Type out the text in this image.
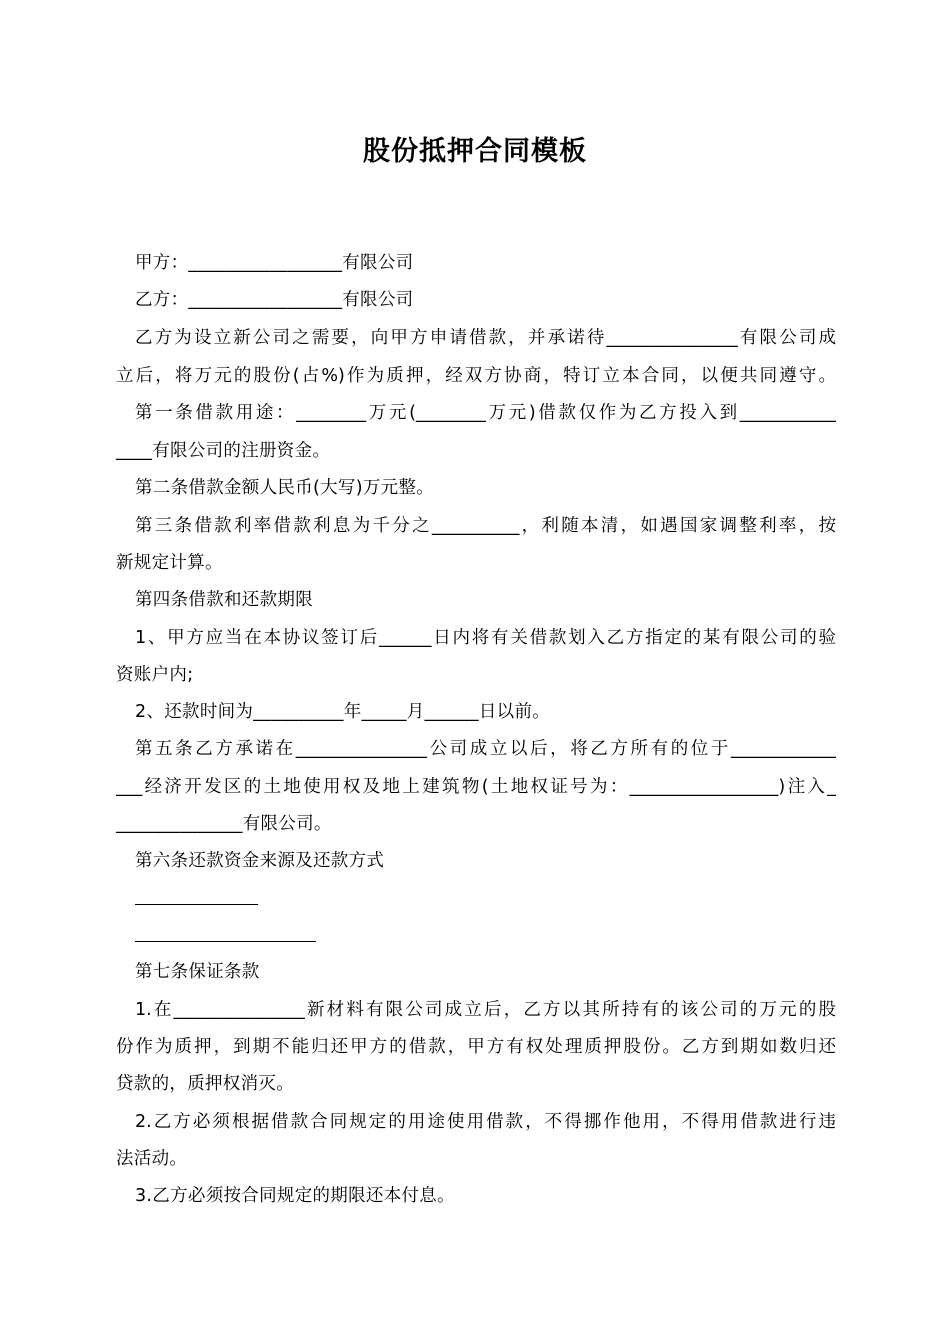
股份抵押合同模板
甲方：_________________有限公司
乙方：_________________有限公司
乙方为设立新公司之需要，向甲方申请借款，并承诺待_______________有限公司成
立后，将万元的股份(占%)作为质押，经双方协商，特订立本合同，以便共同遵守。
第一条借款用途：________万元(________万元)借款仅作为乙方投入到___________
____有限公司的注册资金。
第二条借款金额人民币(大写)万元整。
第三条借款利率借款利息为千分之__________，利随本清，如遇国家调整利率，按
新规定计算。
第四条借款和还款期限
1、甲方应当在本协议签订后______日内将有关借款划入乙方指定的某有限公司的验
资账户内;
2、还款时间为__________年_____月______日以前。
第五条乙方承诺在_______________公司成立以后，将乙方所有的位于____________
___经济开发区的土地使用权及地上建筑物(土地权证号为：_________________)注入_
______________有限公司。
第六条还款资金来源及还款方式
第七条保证条款
1.在_______________新材料有限公司成立后，乙方以其所持有的该公司的万元的股
份作为质押，到期不能归还甲方的借款，甲方有权处理质押股份。乙方到期如数归还
贷款的，质押权消灭。
2.乙方必须根据借款合同规定的用途使用借款，不得挪作他用，不得用借款进行违
法活动。
3.乙方必须按合同规定的期限还本付息。
